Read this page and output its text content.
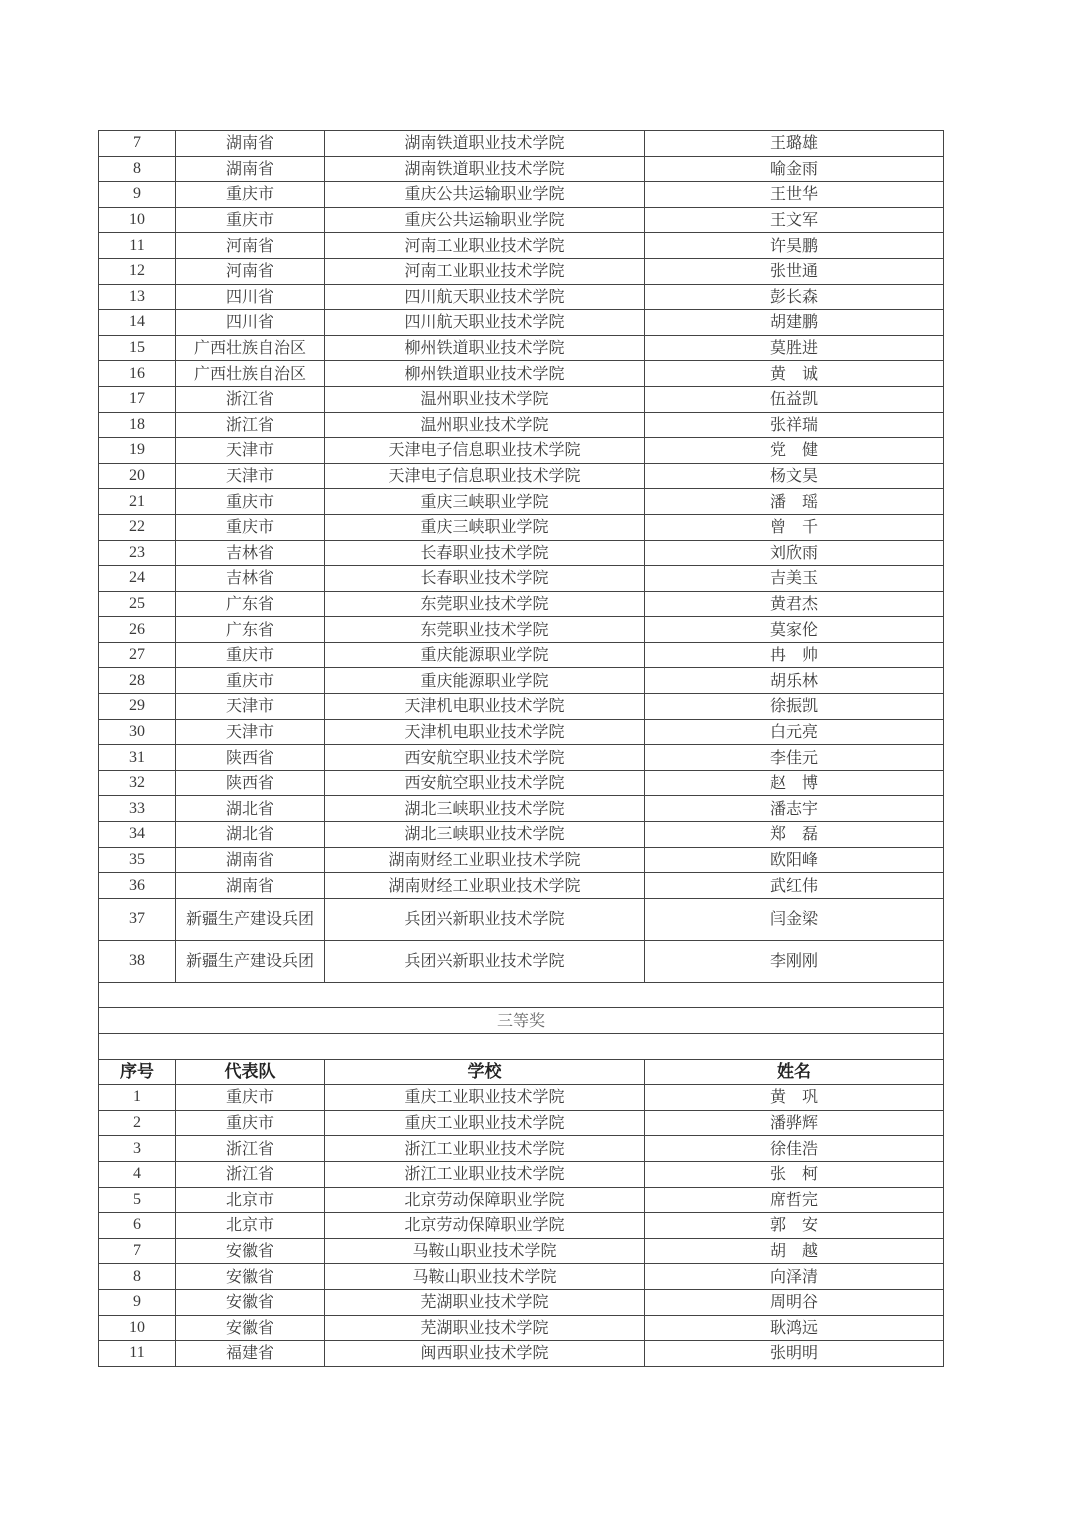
7	湖南省	湖南铁道职业技术学院	王璐雄
8	湖南省	湖南铁道职业技术学院	喻金雨
9	重庆市	重庆公共运输职业学院	王世华
10	重庆市	重庆公共运输职业学院	王文军
11	河南省	河南工业职业技术学院	许昊鹏
12	河南省	河南工业职业技术学院	张世通
13	四川省	四川航天职业技术学院	彭长森
14	四川省	四川航天职业技术学院	胡建鹏
15	广西壮族自治区	柳州铁道职业技术学院	莫胜进
16	广西壮族自治区	柳州铁道职业技术学院	黄　诚
17	浙江省	温州职业技术学院	伍益凯
18	浙江省	温州职业技术学院	张祥瑞
19	天津市	天津电子信息职业技术学院	党　健
20	天津市	天津电子信息职业技术学院	杨文昊
21	重庆市	重庆三峡职业学院	潘　瑶
22	重庆市	重庆三峡职业学院	曾　千
23	吉林省	长春职业技术学院	刘欣雨
24	吉林省	长春职业技术学院	吉美玉
25	广东省	东莞职业技术学院	黄君杰
26	广东省	东莞职业技术学院	莫家伦
27	重庆市	重庆能源职业学院	冉　帅
28	重庆市	重庆能源职业学院	胡乐林
29	天津市	天津机电职业技术学院	徐振凯
30	天津市	天津机电职业技术学院	白元亮
31	陕西省	西安航空职业技术学院	李佳元
32	陕西省	西安航空职业技术学院	赵　博
33	湖北省	湖北三峡职业技术学院	潘志宇
34	湖北省	湖北三峡职业技术学院	郑　磊
35	湖南省	湖南财经工业职业技术学院	欧阳峰
36	湖南省	湖南财经工业职业技术学院	武红伟
37	新疆生产建设兵团	兵团兴新职业技术学院	闫金梁
38	新疆生产建设兵团	兵团兴新职业技术学院	李刚刚

三等奖			

序号	代表队	学校	姓名
1	重庆市	重庆工业职业技术学院	黄　巩
2	重庆市	重庆工业职业技术学院	潘骅辉
3	浙江省	浙江工业职业技术学院	徐佳浩
4	浙江省	浙江工业职业技术学院	张　柯
5	北京市	北京劳动保障职业学院	席哲完
6	北京市	北京劳动保障职业学院	郭　安
7	安徽省	马鞍山职业技术学院	胡　越
8	安徽省	马鞍山职业技术学院	向泽清
9	安徽省	芜湖职业技术学院	周明谷
10	安徽省	芜湖职业技术学院	耿鸿远
11	福建省	闽西职业技术学院	张明明
